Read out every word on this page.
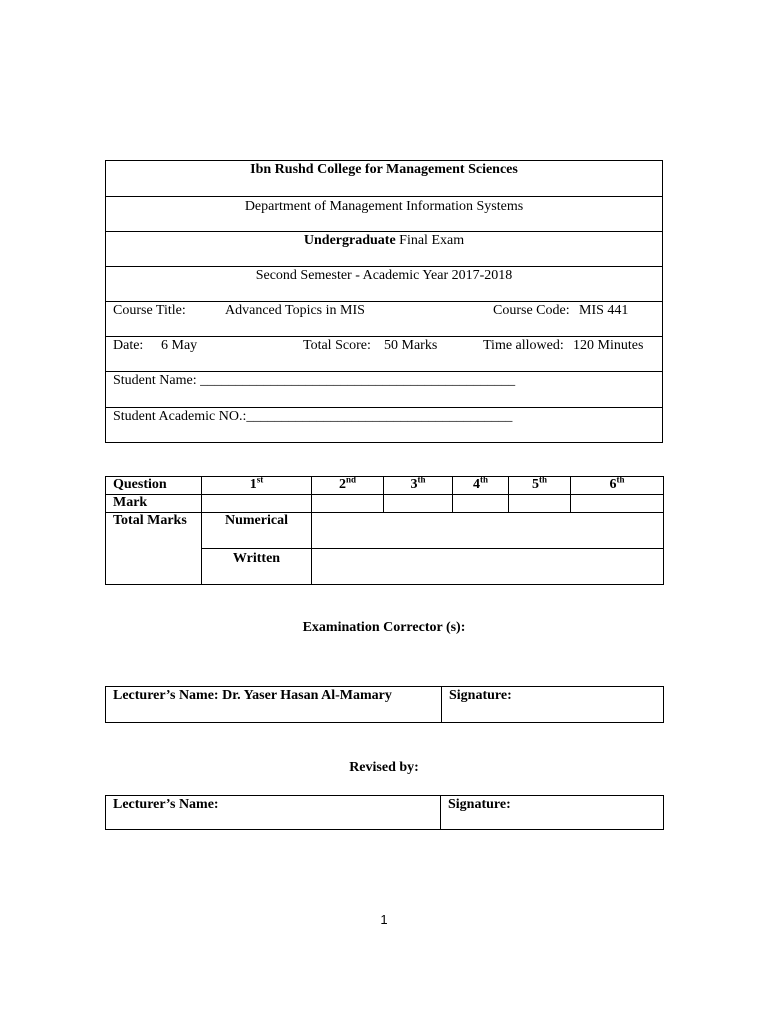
Ibn Rushd College for Management Sciences
Department of Management Information Systems
Undergraduate Final Exam
Second Semester - Academic Year 2017-2018

Course Title:	Advanced Topics in MIS	Course Code: MIS 441

Date:	6 May	Total Score: 50 Marks	Time allowed: 120 Minutes

Student Name: _____________________________________________
Student Academic NO.:______________________________________
Question	1st	2nd	3th	4th	5th	6th
Mark						
Total Marks	Numerical					
	Written					
Examination Corrector (s):
Lecturer’s Name: Dr. Yaser Hasan Al-Mamary	Signature:
Revised by:
Lecturer’s Name:	Signature:
1
